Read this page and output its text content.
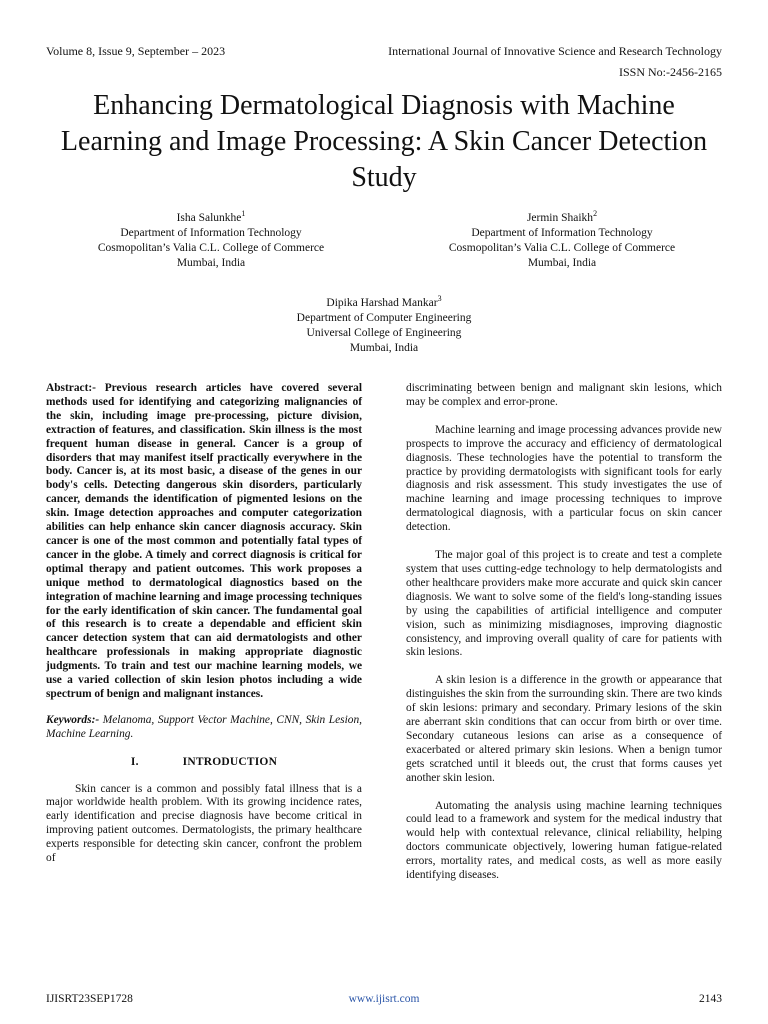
Volume 8, Issue 9, September – 2023	International Journal of Innovative Science and Research Technology
ISSN No:-2456-2165
Enhancing Dermatological Diagnosis with Machine Learning and Image Processing: A Skin Cancer Detection Study
Isha Salunkhe$^1$
Department of Information Technology
Cosmopolitan’s Valia C.L. College of Commerce
Mumbai, India
Jermin Shaikh$^2$
Department of Information Technology
Cosmopolitan’s Valia C.L. College of Commerce
Mumbai, India
Dipika Harshad Mankar$^3$
Department of Computer Engineering
Universal College of Engineering
Mumbai, India

Abstract:- Previous research articles have covered several methods used for identifying and categorizing malignancies of the skin, including image pre-processing, picture division, extraction of features, and classification. Skin illness is the most frequent human disease in general. Cancer is a group of disorders that may manifest itself practically everywhere in the body. Cancer is, at its most basic, a disease of the genes in our body's cells. Detecting dangerous skin disorders, particularly cancer, demands the identification of pigmented lesions on the skin. Image detection approaches and computer categorization abilities can help enhance skin cancer diagnosis accuracy. Skin cancer is one of the most common and potentially fatal types of cancer in the globe. A timely and correct diagnosis is critical for optimal therapy and patient outcomes. This work proposes a unique method to dermatological diagnostics based on the integration of machine learning and image processing techniques for the early identification of skin cancer. The fundamental goal of this research is to create a dependable and efficient skin cancer detection system that can aid dermatologists and other healthcare professionals in making appropriate diagnostic judgments. To train and test our machine learning models, we use a varied collection of skin lesion photos including a wide spectrum of benign and malignant instances.

Keywords:- Melanoma, Support Vector Machine, CNN, Skin Lesion, Machine Learning.

I.	INTRODUCTION

Skin cancer is a common and possibly fatal illness that is a major worldwide health problem. With its growing incidence rates, early identification and precise diagnosis have become critical in improving patient outcomes. Dermatologists, the primary healthcare experts responsible for detecting skin cancer, confront the problem of

discriminating between benign and malignant skin lesions, which may be complex and error-prone.

Machine learning and image processing advances provide new prospects to improve the accuracy and efficiency of dermatological diagnosis. These technologies have the potential to transform the practice by providing dermatologists with significant tools for early diagnosis and risk assessment. This study investigates the use of machine learning and image processing techniques to improve dermatological diagnosis, with a particular focus on skin cancer detection.

The major goal of this project is to create and test a complete system that uses cutting-edge technology to help dermatologists and other healthcare providers make more accurate and quick skin cancer diagnosis. We want to solve some of the field's long-standing issues by using the capabilities of artificial intelligence and computer vision, such as minimizing misdiagnoses, improving diagnostic consistency, and improving overall quality of care for patients with skin lesions.

A skin lesion is a difference in the growth or appearance that distinguishes the skin from the surrounding skin. There are two kinds of skin lesions: primary and secondary. Primary lesions of the skin are aberrant skin conditions that can occur from birth or over time. Secondary cutaneous lesions can arise as a consequence of exacerbated or altered primary skin lesions. When a benign tumor gets scratched until it bleeds out, the crust that forms causes yet another skin lesion.

Automating the analysis using machine learning techniques could lead to a framework and system for the medical industry that would help with contextual relevance, clinical reliability, helping doctors communicate objectively, lowering human fatigue-related errors, mortality rates, and medical costs, as well as more easily identifying diseases.

IJISRT23SEP1728	www.ijisrt.com	2143
